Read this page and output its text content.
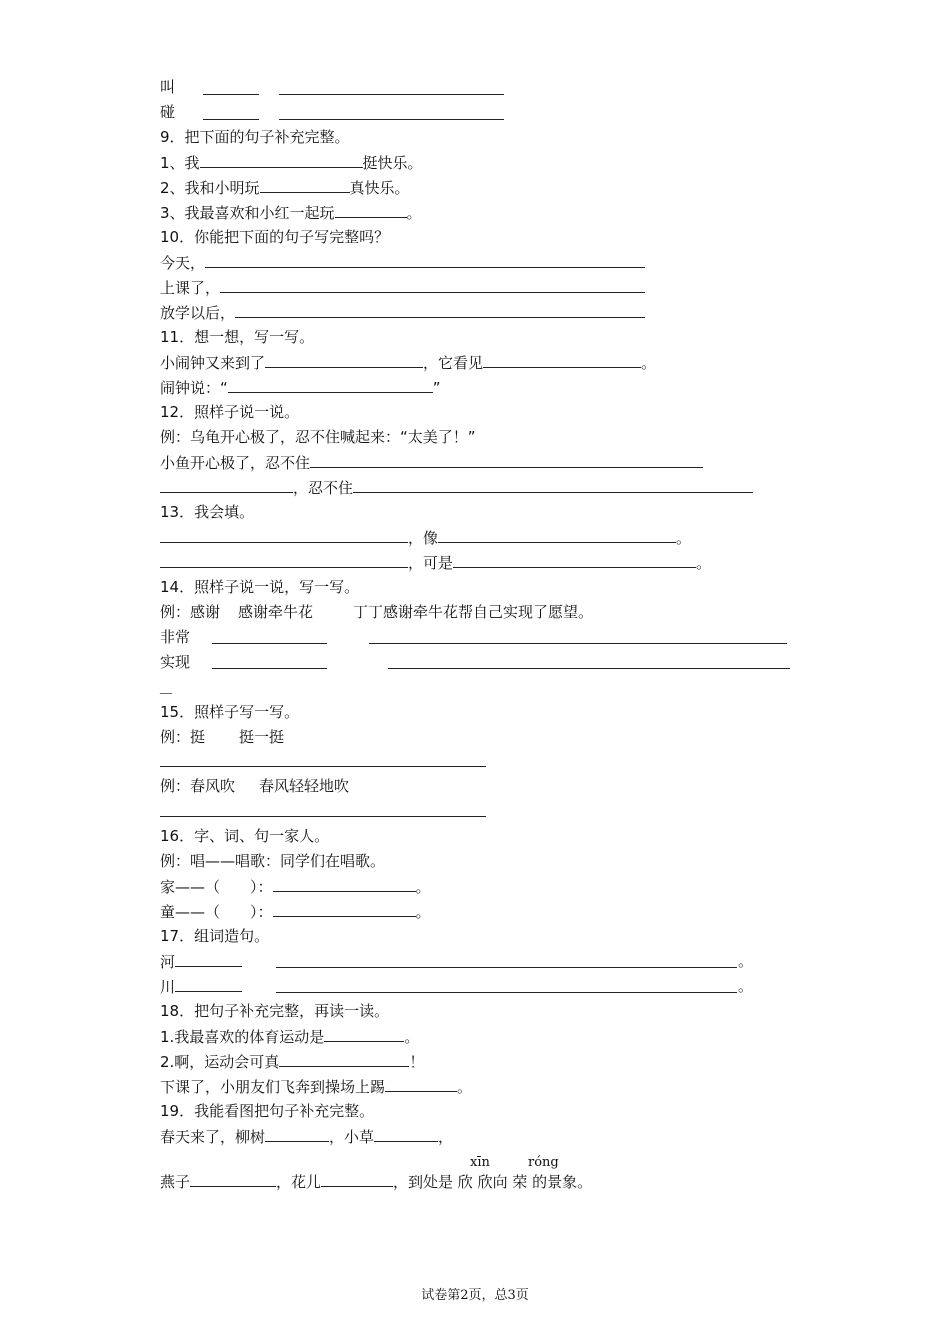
叫
碰
9．把下面的句子补充完整。
1、我	挺快乐。
2、我和小明玩	真快乐。
3、我最喜欢和小红一起玩	。
10．你能把下面的句子写完整吗？
今天，
上课了，
放学以后，
11．想一想，写一写。
小闹钟又来到了	，它看见	。
闹钟说：“	”
12．照样子说一说。
例：乌龟开心极了，忍不住喊起来：“太美了！”
小鱼开心极了，忍不住
，忍不住
13．我会填。
，像	。
，可是	。
14．照样子说一说，写一写。
例：感谢 感谢牵牛花	丁丁感谢牵牛花帮自己实现了愿望。
非常
实现
__
15．照样子写一写。
例：挺 挺一挺
例：春风吹 春风轻轻地吹
16．字、词、句一家人。
例：唱——唱歌：同学们在唱歌。
家——（　　）：	。
童——（　　）：	。
17．组词造句。
河	。
川	。
18．把句子补充完整，再读一读。
1.我最喜欢的体育运动是	。
2.啊，运动会可真	！
下课了，小朋友们飞奔到操场上踢	。
19．我能看图把句子补充完整。
春天来了，柳树	，小草	，
xīn	róng
燕子	，花儿	，到处是 欣 欣向 荣 的景象。
试卷第2页，总3页
